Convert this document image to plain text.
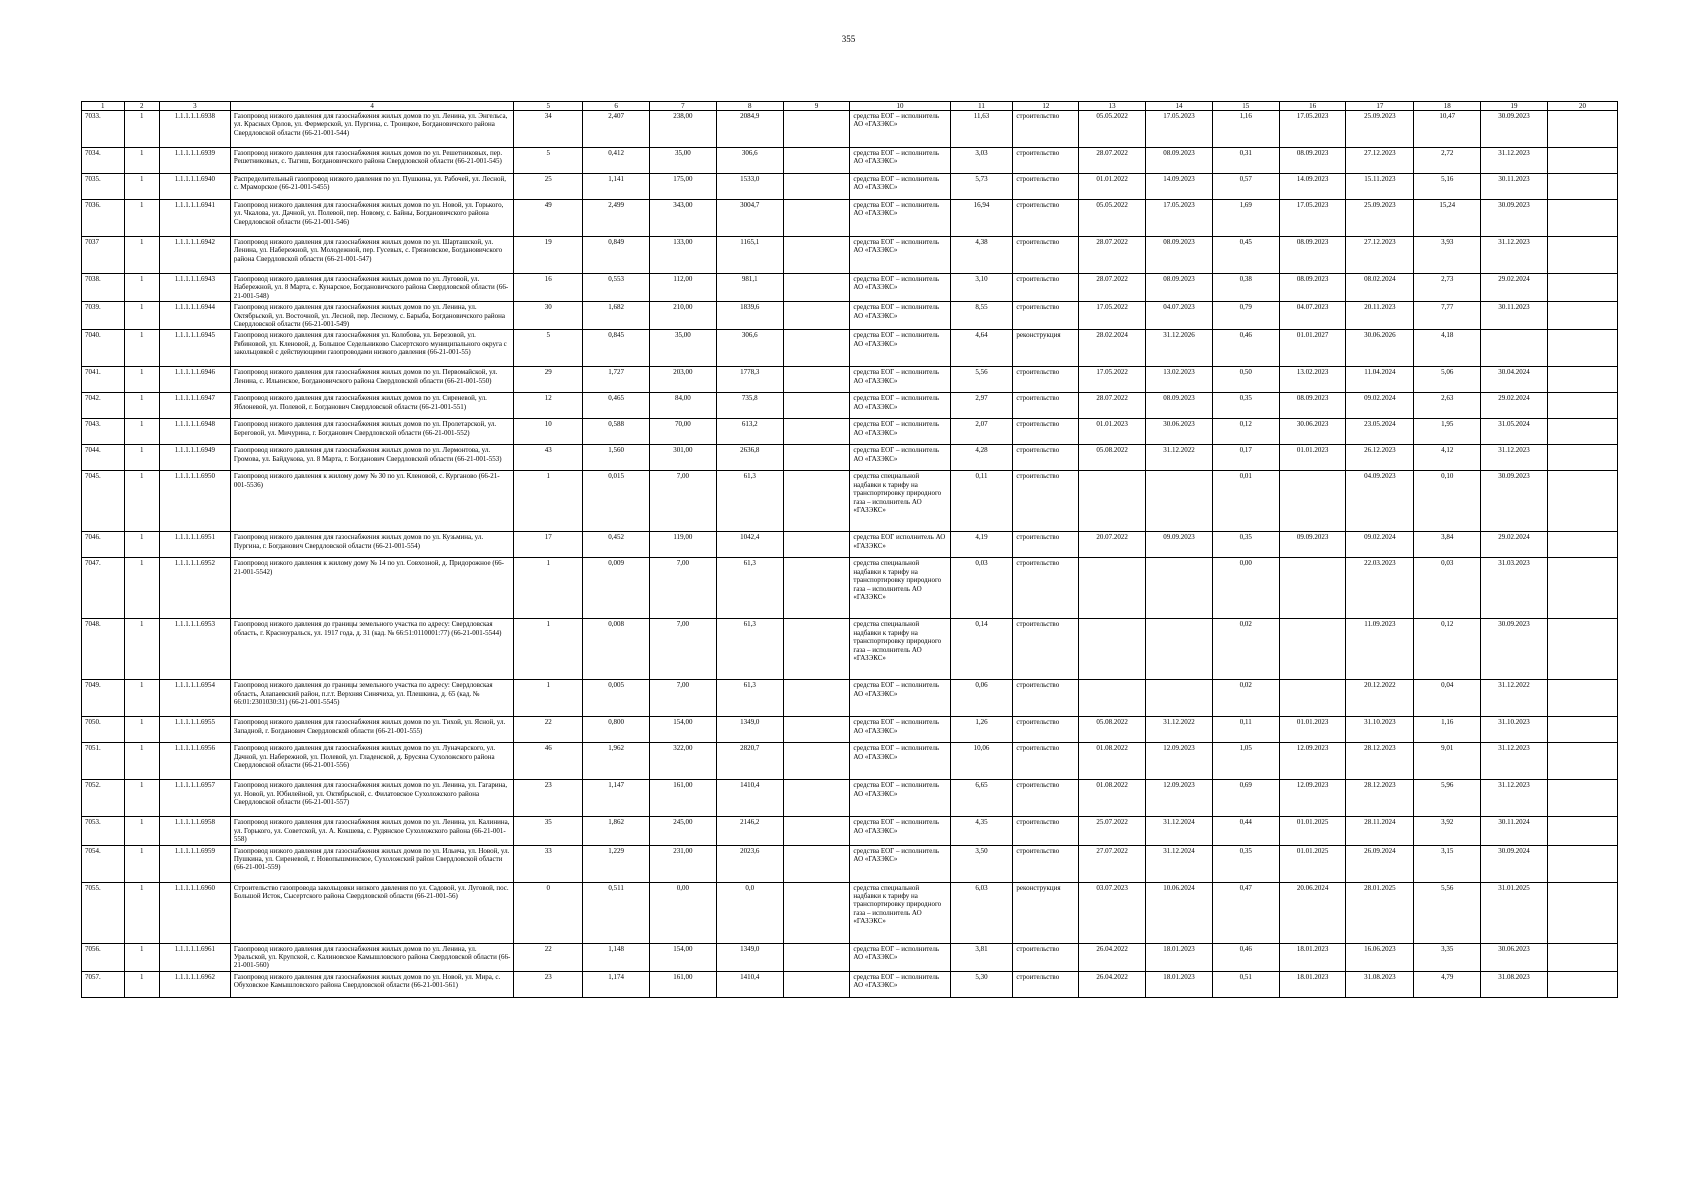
355
1	2	3	4	5	6	7	8	9	10	11	12	13	14	15	16	17	18	19	20
7033.	1	1.1.1.1.1.6938	Газопровод низкого давления для газоснабжения жилых домов по ул. Ленина, ул. Энгельса, ул. Красных Орлов, ул. Фермерской, ул. Пургина, с. Троицкое, Богдановичского района Свердловской области (66-21-001-544)	34	2,407	238,00	2084,9		средства ЕОГ – исполнитель АО «ГАЗЭКС»	11,63	строительство	05.05.2022	17.05.2023	1,16	17.05.2023	25.09.2023	10,47	30.09.2023	
7034.	1	1.1.1.1.1.6939	Газопровод низкого давления для газоснабжения жилых домов по ул. Решетниковых, пер. Решетниковых, с. Тыгиш, Богдановичского района Свердловской области (66-21-001-545)	5	0,412	35,00	306,6		средства ЕОГ – исполнитель АО «ГАЗЭКС»	3,03	строительство	28.07.2022	08.09.2023	0,31	08.09.2023	27.12.2023	2,72	31.12.2023	
7035.	1	1.1.1.1.1.6940	Распределительный газопровод низкого давления по ул. Пушкина, ул. Рабочей, ул. Лесной, с. Мраморское (66-21-001-5455)	25	1,141	175,00	1533,0		средства ЕОГ – исполнитель АО «ГАЗЭКС»	5,73	строительство	01.01.2022	14.09.2023	0,57	14.09.2023	15.11.2023	5,16	30.11.2023	
7036.	1	1.1.1.1.1.6941	Газопровод низкого давления для газоснабжения жилых домов по ул. Новой, ул. Горького, ул. Чкалова, ул. Дачной, ул. Полевой, пер. Новому, с. Байны, Богдановичского района Свердловской области (66-21-001-546)	49	2,499	343,00	3004,7		средства ЕОГ – исполнитель АО «ГАЗЭКС»	16,94	строительство	05.05.2022	17.05.2023	1,69	17.05.2023	25.09.2023	15,24	30.09.2023	
7037	1	1.1.1.1.1.6942	Газопровод низкого давления для газоснабжения жилых домов по ул. Шарташской, ул. Ленина, ул. Набережной, ул. Молодежной, пер. Гусевых, с. Грязновское, Богдановичского района Свердловской области (66-21-001-547)	19	0,849	133,00	1165,1		средства ЕОГ – исполнитель АО «ГАЗЭКС»	4,38	строительство	28.07.2022	08.09.2023	0,45	08.09.2023	27.12.2023	3,93	31.12.2023	
7038.	1	1.1.1.1.1.6943	Газопровод низкого давления для газоснабжения жилых домов по ул. Луговой, ул. Набережной, ул. 8 Марта, с. Кунарское, Богдановичского района Свердловской области (66-21-001-548)	16	0,553	112,00	981,1		средства ЕОГ – исполнитель АО «ГАЗЭКС»	3,10	строительство	28.07.2022	08.09.2023	0,38	08.09.2023	08.02.2024	2,73	29.02.2024	
7039.	1	1.1.1.1.1.6944	Газопровод низкого давления для газоснабжения жилых домов по ул. Ленина, ул. Октябрьской, ул. Восточной, ул. Лесной, пер. Лесному, с. Барыба, Богдановичского района Свердловской области (66-21-001-549)	30	1,682	210,00	1839,6		средства ЕОГ – исполнитель АО «ГАЗЭКС»	8,55	строительство	17.05.2022	04.07.2023	0,79	04.07.2023	20.11.2023	7,77	30.11.2023	
7040.	1	1.1.1.1.1.6945	Газопровод низкого давления для газоснабжения ул. Колобова, ул. Березовой, ул. Рябиновой, ул. Кленовой, д. Большое Седельниково Сысертского муниципального округа с закольцовкой с действующими газопроводами низкого давления (66-21-001-55)	5	0,845	35,00	306,6		средства ЕОГ – исполнитель АО «ГАЗЭКС»	4,64	реконструкция	28.02.2024	31.12.2026	0,46	01.01.2027	30.06.2026	4,18		
7041.	1	1.1.1.1.1.6946	Газопровод низкого давления для газоснабжения жилых домов по ул. Первомайской, ул. Ленина, с. Ильинское, Богдановичского района Свердловской области (66-21-001-550)	29	1,727	203,00	1778,3		средства ЕОГ – исполнитель АО «ГАЗЭКС»	5,56	строительство	17.05.2022	13.02.2023	0,50	13.02.2023	11.04.2024	5,06	30.04.2024	
7042.	1	1.1.1.1.1.6947	Газопровод низкого давления для газоснабжения жилых домов по ул. Сиреневой, ул. Яблоневой, ул. Полевой, г. Богданович Свердловской области (66-21-001-551)	12	0,465	84,00	735,8		средства ЕОГ – исполнитель АО «ГАЗЭКС»	2,97	строительство	28.07.2022	08.09.2023	0,35	08.09.2023	09.02.2024	2,63	29.02.2024	
7043.	1	1.1.1.1.1.6948	Газопровод низкого давления для газоснабжения жилых домов по ул. Пролетарской, ул. Береговой, ул. Мичурина, г. Богданович Свердловской области (66-21-001-552)	10	0,588	70,00	613,2		средства ЕОГ – исполнитель АО «ГАЗЭКС»	2,07	строительство	01.01.2023	30.06.2023	0,12	30.06.2023	23.05.2024	1,95	31.05.2024	
7044.	1	1.1.1.1.1.6949	Газопровод низкого давления для газоснабжения жилых домов по ул. Лермонтова, ул. Громова, ул. Байдукова, ул. 8 Марта, г. Богданович Свердловской области (66-21-001-553)	43	1,560	301,00	2636,8		средства ЕОГ – исполнитель АО «ГАЗЭКС»	4,28	строительство	05.08.2022	31.12.2022	0,17	01.01.2023	26.12.2023	4,12	31.12.2023	
7045.	1	1.1.1.1.1.6950	Газопровод низкого давления к жилому дому № 30 по ул. Кленовой, с. Курганово (66-21-001-5536)	1	0,015	7,00	61,3		средства специальной надбавки к тарифу на транспортировку природного газа – исполнитель АО «ГАЗЭКС»	0,11	строительство			0,01		04.09.2023	0,10	30.09.2023	
7046.	1	1.1.1.1.1.6951	Газопровод низкого давления для газоснабжения жилых домов по ул. Кузьмина, ул. Пургина, г. Богданович Свердловской области (66-21-001-554)	17	0,452	119,00	1042,4		средства ЕОГ исполнитель АО «ГАЗЭКС»	4,19	строительство	20.07.2022	09.09.2023	0,35	09.09.2023	09.02.2024	3,84	29.02.2024	
7047.	1	1.1.1.1.1.6952	Газопровод низкого давления к жилому дому № 14 по ул. Совхозной, д. Придорожное (66-21-001-5542)	1	0,009	7,00	61,3		средства специальной надбавки к тарифу на транспортировку природного газа – исполнитель АО «ГАЗЭКС»	0,03	строительство			0,00		22.03.2023	0,03	31.03.2023	
7048.	1	1.1.1.1.1.6953	Газопровод низкого давления до границы земельного участка по адресу: Свердловская область, г. Красноуральск, ул. 1917 года, д. 31 (кад. № 66:51:0110001:77) (66-21-001-5544)	1	0,008	7,00	61,3		средства специальной надбавки к тарифу на транспортировку природного газа – исполнитель АО «ГАЗЭКС»	0,14	строительство			0,02		11.09.2023	0,12	30.09.2023	
7049.	1	1.1.1.1.1.6954	Газопровод низкого давления до границы земельного участка по адресу: Свердловская область, Алапаевский район, п.г.т. Верхняя Синячиха, ул. Плешкина, д. 65 (кад. № 66:01:2301030:31) (66-21-001-5545)	1	0,005	7,00	61,3		средства ЕОГ – исполнитель АО «ГАЗЭКС»	0,06	строительство			0,02		20.12.2022	0,04	31.12.2022	
7050.	1	1.1.1.1.1.6955	Газопровод низкого давления для газоснабжения жилых домов по ул. Тихой, ул. Ясной, ул. Западной, г. Богданович Свердловской области (66-21-001-555)	22	0,800	154,00	1349,0		средства ЕОГ – исполнитель АО «ГАЗЭКС»	1,26	строительство	05.08.2022	31.12.2022	0,11	01.01.2023	31.10.2023	1,16	31.10.2023	
7051.	1	1.1.1.1.1.6956	Газопровод низкого давления для газоснабжения жилых домов по ул. Луначарского, ул. Дачной, ул. Набережной, ул. Полевой, ул. Гладенской, д. Брусяна Сухоложского района Свердловской области (66-21-001-556)	46	1,962	322,00	2820,7		средства ЕОГ – исполнитель АО «ГАЗЭКС»	10,06	строительство	01.08.2022	12.09.2023	1,05	12.09.2023	28.12.2023	9,01	31.12.2023	
7052.	1	1.1.1.1.1.6957	Газопровод низкого давления для газоснабжения жилых домов по ул. Ленина, ул. Гагарина, ул. Новой, ул. Юбилейной, ул. Октябрьской, с. Филатовское Сухоложского района Свердловской области (66-21-001-557)	23	1,147	161,00	1410,4		средства ЕОГ – исполнитель АО «ГАЗЭКС»	6,65	строительство	01.08.2022	12.09.2023	0,69	12.09.2023	28.12.2023	5,96	31.12.2023	
7053.	1	1.1.1.1.1.6958	Газопровод низкого давления для газоснабжения жилых домов по ул. Ленина, ул. Калинина, ул. Горького, ул. Советской, ул. А. Кокшева, с. Рудянское Сухоложского района (66-21-001-558)	35	1,862	245,00	2146,2		средства ЕОГ – исполнитель АО «ГАЗЭКС»	4,35	строительство	25.07.2022	31.12.2024	0,44	01.01.2025	28.11.2024	3,92	30.11.2024	
7054.	1	1.1.1.1.1.6959	Газопровод низкого давления для газоснабжения жилых домов по ул. Ильича, ул. Новой, ул. Пушкина, ул. Сиреневой, г. Новопышминское, Сухоложский район Свердловской области (66-21-001-559)	33	1,229	231,00	2023,6		средства ЕОГ – исполнитель АО «ГАЗЭКС»	3,50	строительство	27.07.2022	31.12.2024	0,35	01.01.2025	26.09.2024	3,15	30.09.2024	
7055.	1	1.1.1.1.1.6960	Строительство газопровода закольцовки низкого давления по ул. Садовой, ул. Луговой, пос. Большой Исток, Сысертского района Свердловской области (66-21-001-56)	0	0,511	0,00	0,0		средства специальной надбавки к тарифу на транспортировку природного газа – исполнитель АО «ГАЗЭКС»	6,03	реконструкция	03.07.2023	10.06.2024	0,47	20.06.2024	28.01.2025	5,56	31.01.2025	
7056.	1	1.1.1.1.1.6961	Газопровод низкого давления для газоснабжения жилых домов по ул. Ленина, ул. Уральской, ул. Крупской, с. Калиновское Камышловского района Свердловской области (66-21-001-560)	22	1,148	154,00	1349,0		средства ЕОГ – исполнитель АО «ГАЗЭКС»	3,81	строительство	26.04.2022	18.01.2023	0,46	18.01.2023	16.06.2023	3,35	30.06.2023	
7057.	1	1.1.1.1.1.6962	Газопровод низкого давления для газоснабжения жилых домов по ул. Новой, ул. Мира, с. Обуховское Камышловского района Свердловской области (66-21-001-561)	23	1,174	161,00	1410,4		средства ЕОГ – исполнитель АО «ГАЗЭКС»	5,30	строительство	26.04.2022	18.01.2023	0,51	18.01.2023	31.08.2023	4,79	31.08.2023	
